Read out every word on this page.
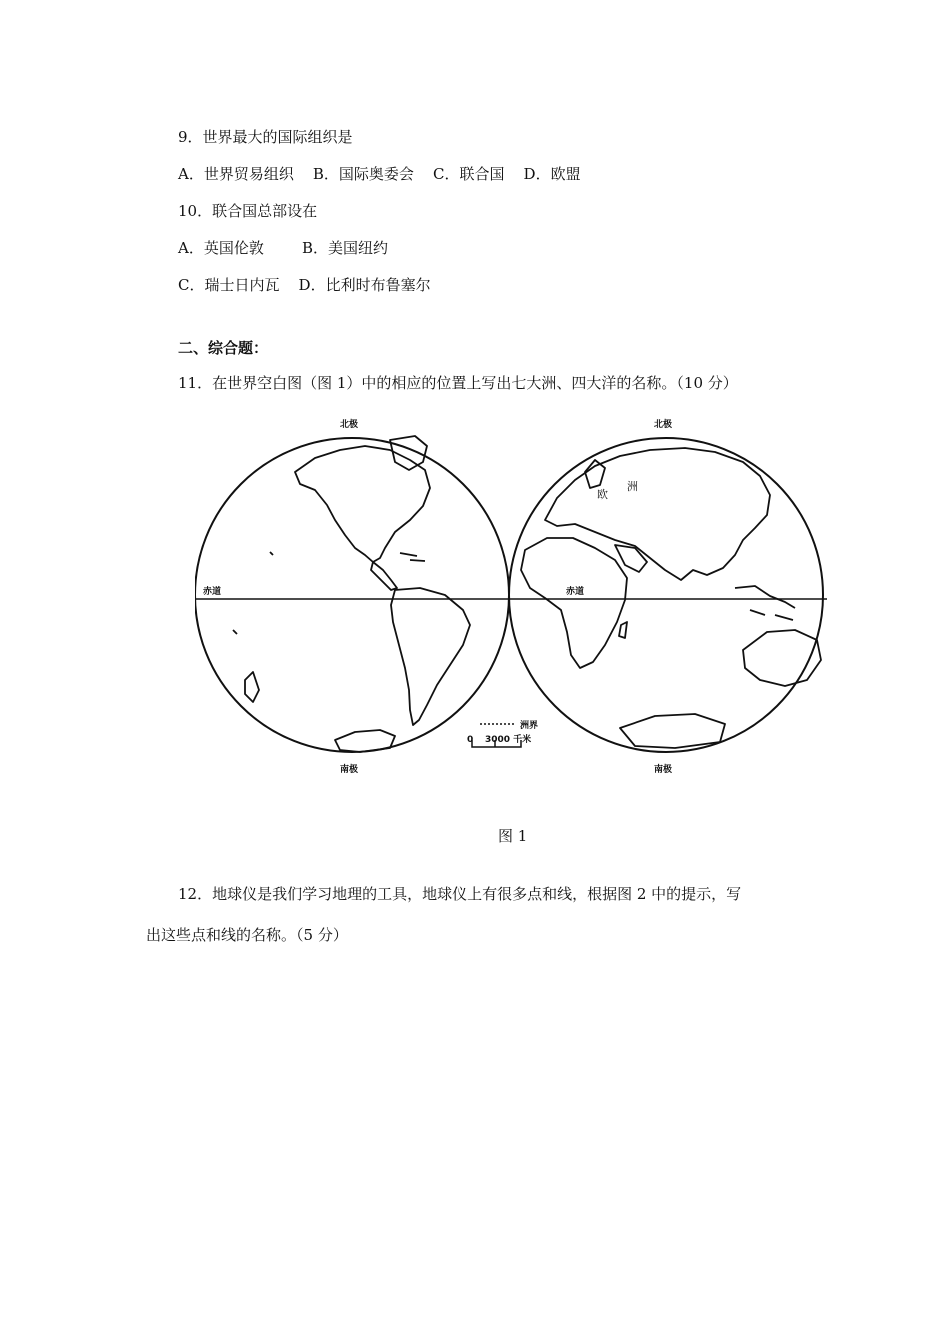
9．世界最大的国际组织是
A．世界贸易组织    B．国际奥委会    C．联合国    D．欧盟
10．联合国总部设在
A．英国伦敦        B．美国纽约
C．瑞士日内瓦    D．比利时布鲁塞尔
二、综合题：
11．在世界空白图（图 1）中的相应的位置上写出七大洲、四大洋的名称。（10 分）
北极	北极
南极	南极
赤道	赤道
欧
洲
洲界
0 3000 千米
图 1
12．地球仪是我们学习地理的工具，地球仪上有很多点和线，根据图 2 中的提示，写
出这些点和线的名称。（5 分）
